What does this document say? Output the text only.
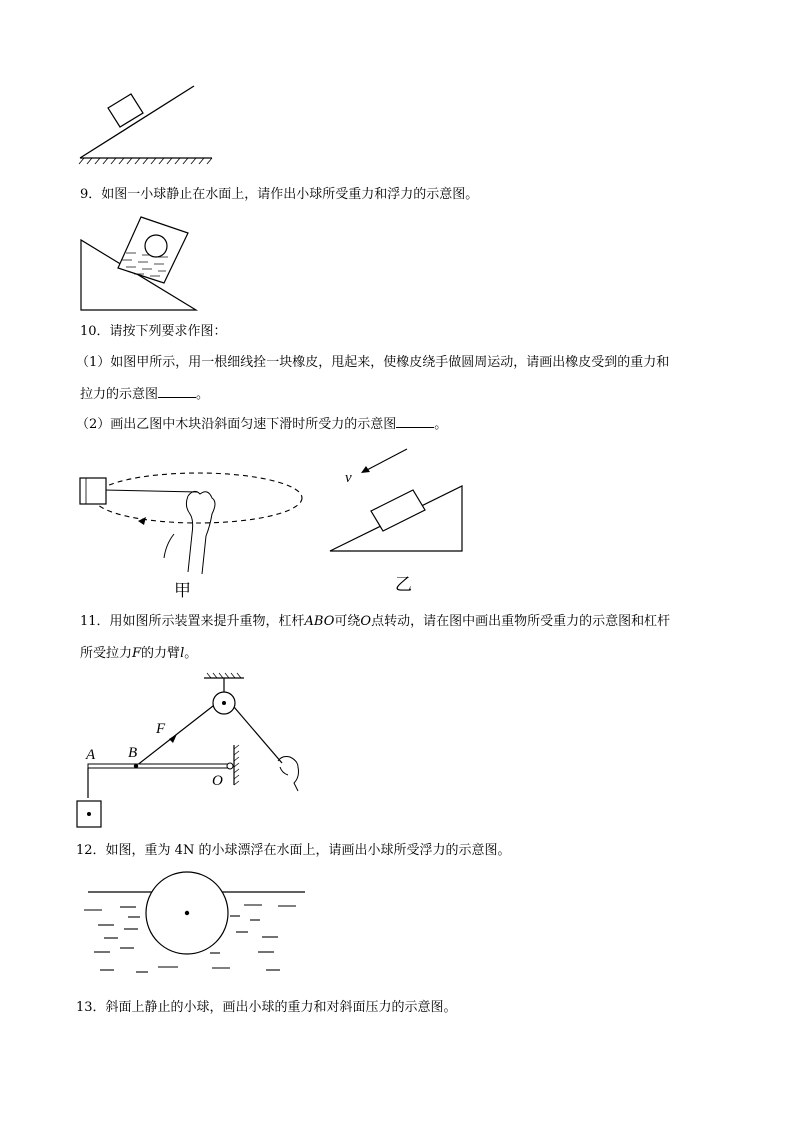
9．如图一小球静止在水面上，请作出小球所受重力和浮力的示意图。
10．请按下列要求作图：
（1）如图甲所示，用一根细线拴一块橡皮，甩起来，使橡皮绕手做圆周运动，请画出橡皮受到的重力和
拉力的示意图	。
（2）画出乙图中木块沿斜面匀速下滑时所受力的示意图	。
甲
v
乙
11．用如图所示装置来提升重物，杠杆ABO可绕O点转动，请在图中画出重物所受重力的示意图和杠杆
所受拉力F的力臂l。
F
A B
O
12．如图，重为 4N 的小球漂浮在水面上，请画出小球所受浮力的示意图。
13．斜面上静止的小球，画出小球的重力和对斜面压力的示意图。
